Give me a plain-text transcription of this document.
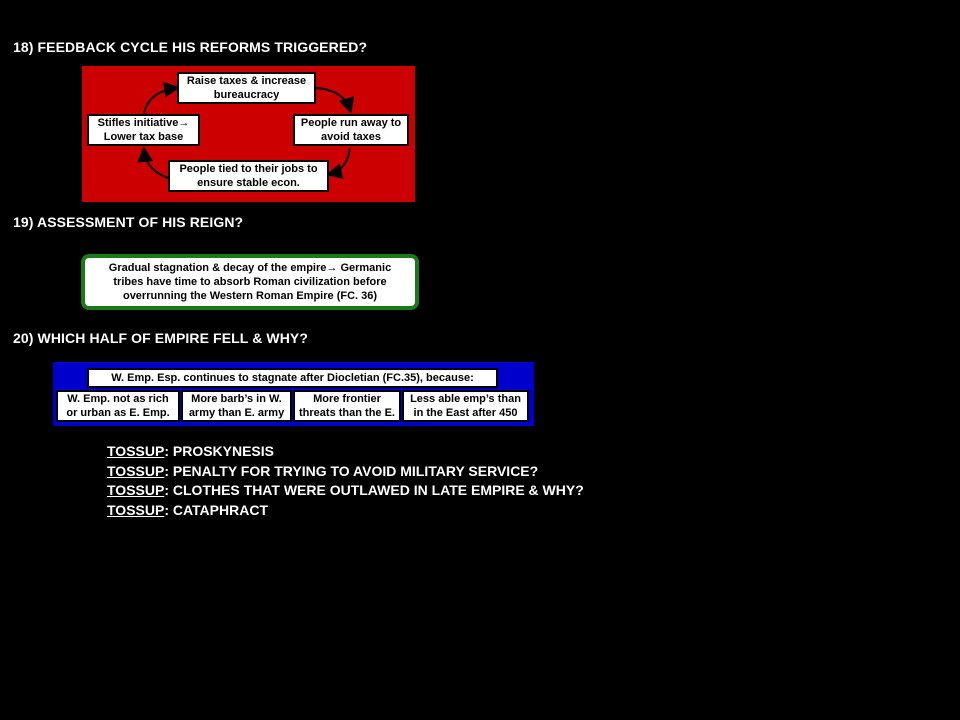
18) FEEDBACK CYCLE HIS REFORMS TRIGGERED?
Raise taxes & increase
bureaucracy
People run away to
avoid taxes
People tied to their jobs to
ensure stable econ.
Stifles initiative→
Lower tax base
19) ASSESSMENT OF HIS REIGN?
Gradual stagnation & decay of the empire→ Germanic
tribes have time to absorb Roman civilization before
overrunning the Western Roman Empire (FC. 36)
20) WHICH HALF OF EMPIRE FELL & WHY?
W. Emp. Esp. continues to stagnate after Diocletian (FC.35), because:
W. Emp. not as rich
or urban as E. Emp.
More barb’s in W.
army than E. army
More frontier
threats than the E.
Less able emp’s than
in the East after 450
TOSSUP: PROSKYNESIS
TOSSUP: PENALTY FOR TRYING TO AVOID MILITARY SERVICE?
TOSSUP: CLOTHES THAT WERE OUTLAWED IN LATE EMPIRE & WHY?
TOSSUP: CATAPHRACT
